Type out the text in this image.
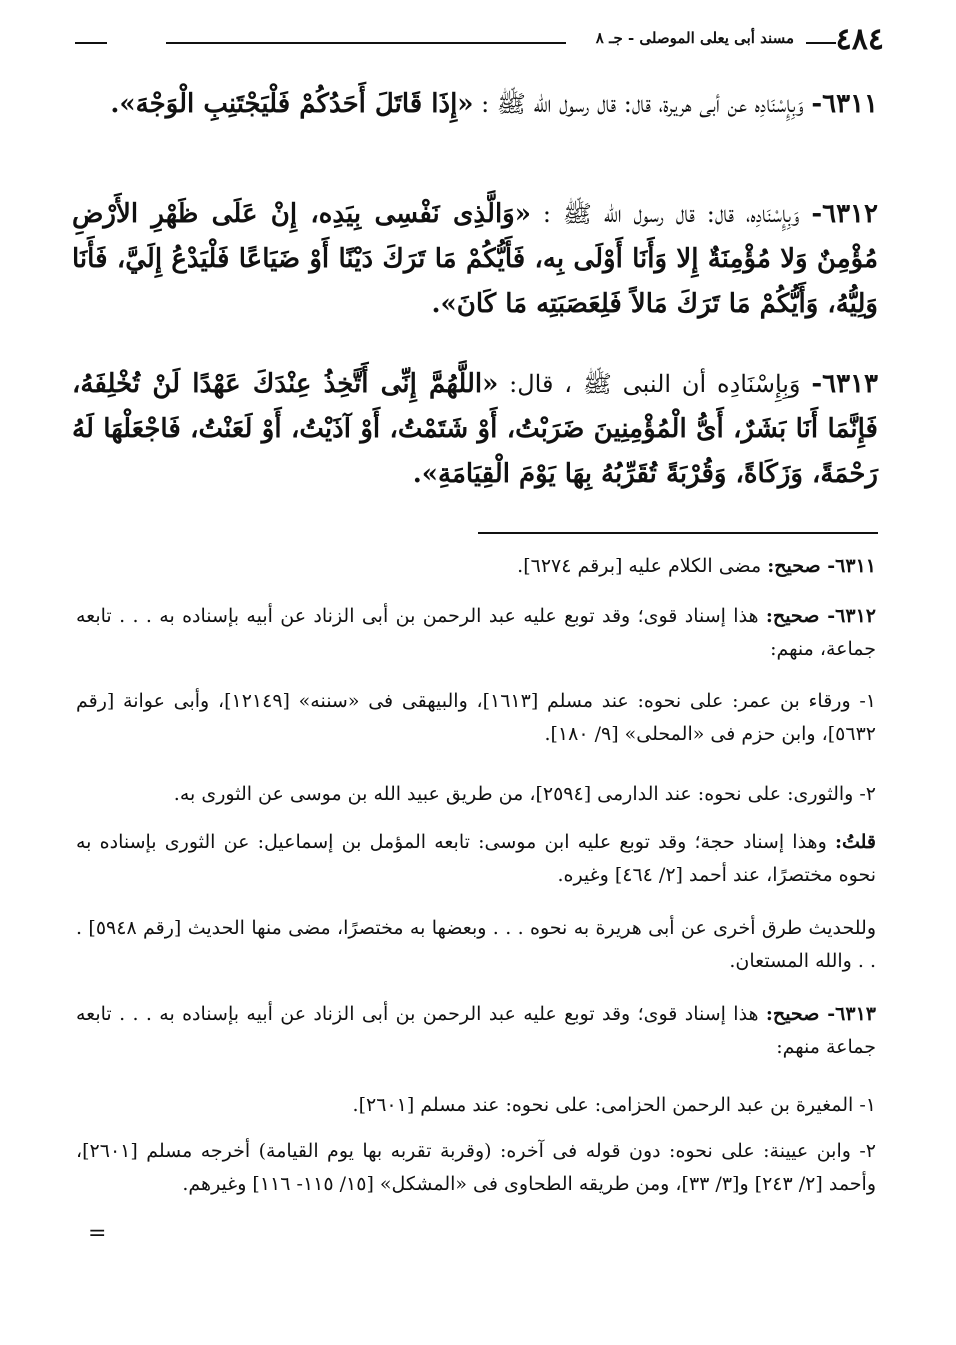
٤٨٤
مسند أبى يعلى الموصلى - جـ ٨
٦٣١١- وَبِإِسْنَادِه عن أبى هريرة، قال: قال رسول الله ﷺ : «إِذَا قَاتَلَ أَحَدُكُمْ فَلْيَجْتَنِبِ الْوَجْهَ».
٦٣١٢- وَبِإِسْنَادِه، قال: قال رسول الله ﷺ : «وَالَّذِى نَفْسِى بِيَدِه، إِنْ عَلَى ظَهْرِ الأَرْضِ مُؤْمِنٌ وَلا مُؤْمِنَةٌ إِلا وَأَنَا أَوْلَى بِه، فَأَيُّكُمْ مَا تَرَكَ دَيْنًا أَوْ ضَيَاعًا فَلْيَدْعُ إِلَيَّ، فَأَنَا وَلِيُّهُ، وَأَيُّكُمْ مَا تَرَكَ مَالاً فَلِعَصَبَتِه مَا كَانَ».
٦٣١٣- وَبِإِسْنَادِه أن النبى ﷺ ، قال: «اللَّهُمَّ إِنِّى أَتَّخِذُ عِنْدَكَ عَهْدًا لَنْ تُخْلِفَهُ، فَإِنَّمَا أَنَا بَشَرٌ، أَىُّ الْمُؤْمِنِينَ ضَرَبْتُ، أَوْ شَتَمْتُ، أَوْ آذَيْتُ، أَوْ لَعَنْتُ، فَاجْعَلْهَا لَهُ رَحْمَةً، وَزَكَاةً، وَقُرْبَةً تُقَرِّبُهُ بِهَا يَوْمَ الْقِيَامَةِ».
٦٣١١- صحيح: مضى الكلام عليه [برقم ٦٢٧٤].
٦٣١٢- صحيح: هذا إسناد قوى؛ وقد توبع عليه عبد الرحمن بن أبى الزناد عن أبيه بإسناده به . . . تابعه جماعة، منهم:
١- ورقاء بن عمر: على نحوه: عند مسلم [١٦١٣]، والبيهقى فى «سننه» [١٢١٤٩]، وأبى عوانة [رقم ٥٦٣٢]، وابن حزم فى «المحلى» [٩/ ١٨٠].
٢- والثورى: على نحوه: عند الدارمى [٢٥٩٤]، من طريق عبيد الله بن موسى عن الثورى به.
قلتُ: وهذا إسناد حجة؛ وقد توبع عليه ابن موسى: تابعه المؤمل بن إسماعيل: عن الثورى بإسناده به نحوه مختصرًا، عند أحمد [٢/ ٤٦٤] وغيره.
وللحديث طرق أخرى عن أبى هريرة به نحوه . . . وبعضها به مختصرًا، مضى منها الحديث [رقم ٥٩٤٨] . . . والله المستعان.
٦٣١٣- صحيح: هذا إسناد قوى؛ وقد توبع عليه عبد الرحمن بن أبى الزناد عن أبيه بإسناده به . . . تابعه جماعة منهم:
١- المغيرة بن عبد الرحمن الحزامى: على نحوه: عند مسلم [٢٦٠١].
٢- وابن عيينة: على نحوه: دون قوله فى آخره: (وقربة تقربه بها يوم القيامة) أخرجه مسلم [٢٦٠١]، وأحمد [٢/ ٢٤٣] و[٣/ ٣٣]، ومن طريقه الطحاوى فى «المشكل» [١٥/ ١١٥- ١١٦] وغيرهم.
=
